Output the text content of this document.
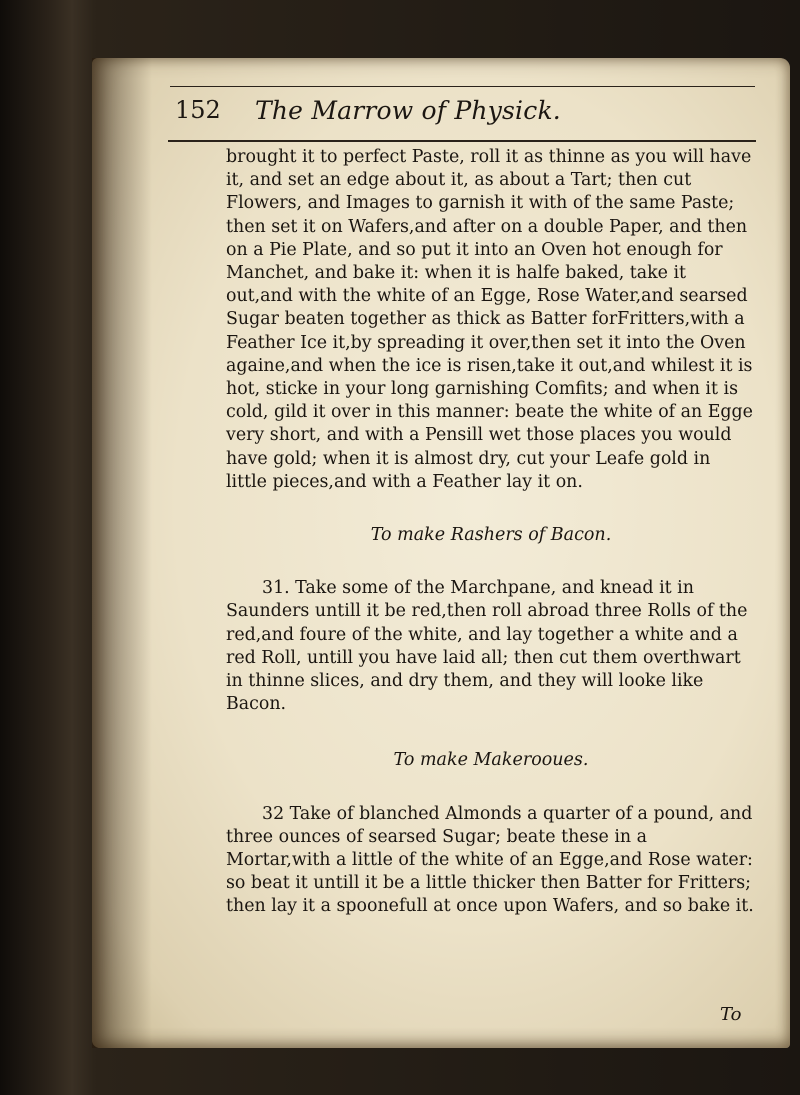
152 The Marrow of Physick.

brought it to perfect Paste, roll it as thinne as you will have it, and set an edge about it, as about a Tart; then cut Flowers, and Images to garnish it with of the same Paste; then set it on Wafers,and after on a double Paper, and then on a Pie Plate, and so put it into an Oven hot enough for Manchet, and bake it: when it is halfe baked, take it out,and with the white of an Egge, Rose Water,and searsed Sugar beaten together as thick as Batter forFritters,with a Feather Ice it,by spreading it over,then set it into the Oven againe,and when the ice is risen,take it out,and whilest it is hot, sticke in your long garnishing Comfits; and when it is cold, gild it over in this manner: beate the white of an Egge very short, and with a Pensill wet those places you would have gold; when it is almost dry, cut your Leafe gold in little pieces,and with a Feather lay it on.

To make Rashers of Bacon.

31. Take some of the Marchpane, and knead it in Saunders untill it be red,then roll abroad three Rolls of the red,and foure of the white, and lay together a white and a red Roll, untill you have laid all; then cut them overthwart in thinne slices, and dry them, and they will looke like Bacon.

To make Makerooues.

32 Take of blanched Almonds a quarter of a pound, and three ounces of searsed Sugar; beate these in a Mortar,with a little of the white of an Egge,and Rose water: so beat it untill it be a little thicker then Batter for Fritters; then lay it a spoonefull at once upon Wafers, and so bake it.

To
